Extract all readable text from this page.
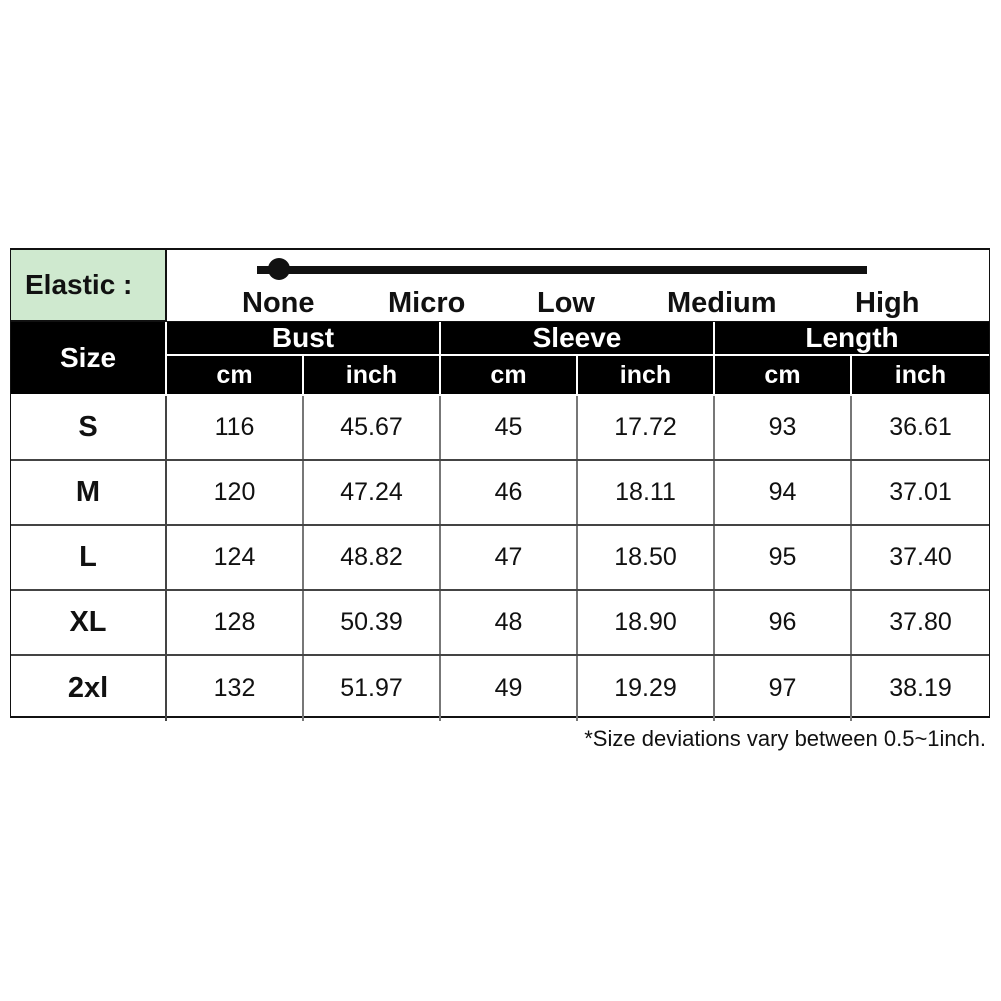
Elastic :
None	Micro Low Medium	High
Size
Bust	Sleeve	Length
cm	inch	cm	inch	cm	inch
S	116	45.67	45	17.72	93	36.61
M	120	47.24	46	18.11	94	37.01
L	124	48.82	47	18.50	95	37.40
XL	128	50.39	48	18.90	96	37.80
2xl	132	51.97	49	19.29	97	38.19
*Size deviations vary between 0.5~1inch.
